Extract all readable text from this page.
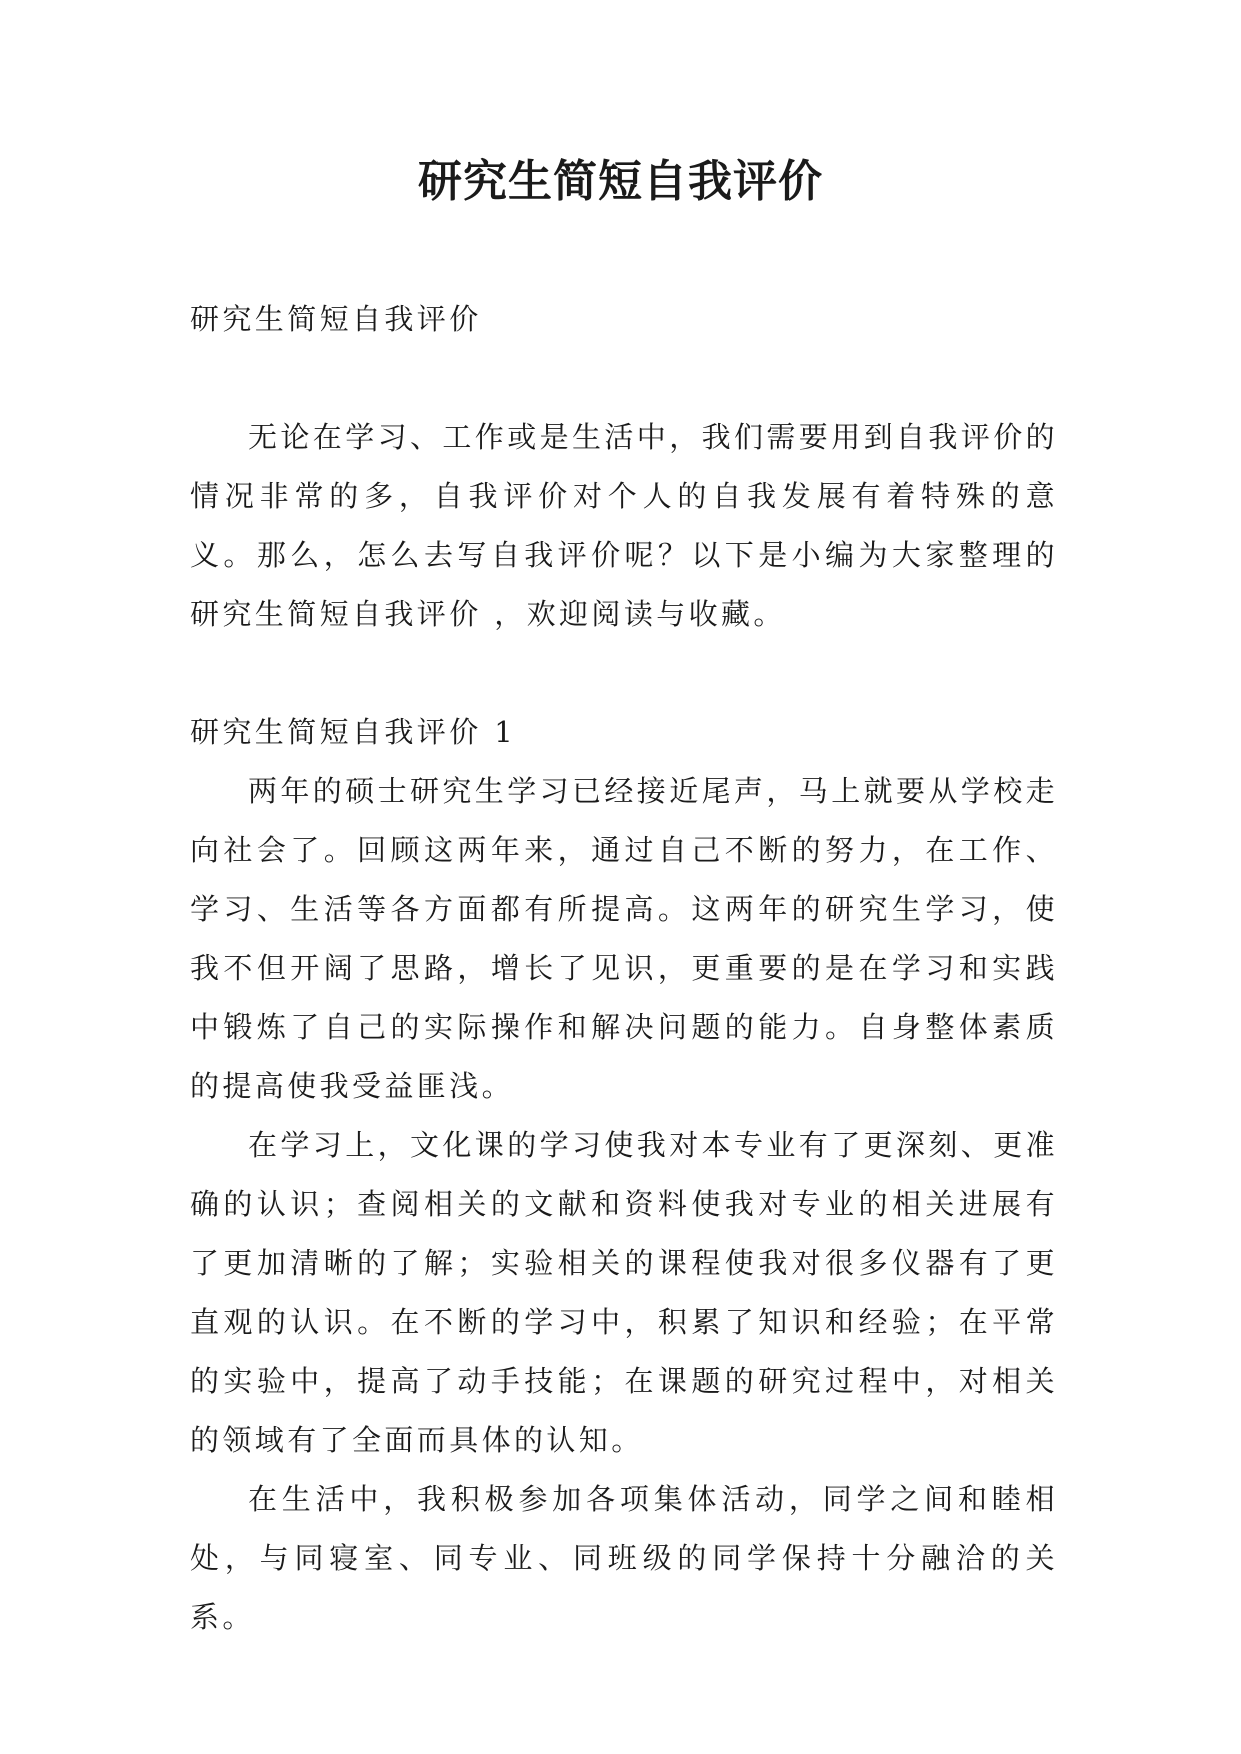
研究生简短自我评价

研究生简短自我评价

无论在学习、工作或是生活中，我们需要用到自我评价的情况非常的多，自我评价对个人的自我发展有着特殊的意义。那么，怎么去写自我评价呢？以下是小编为大家整理的研究生简短自我评价 ，欢迎阅读与收藏。

研究生简短自我评价 1

两年的硕士研究生学习已经接近尾声，马上就要从学校走向社会了。回顾这两年来，通过自己不断的努力，在工作、学习、生活等各方面都有所提高。这两年的研究生学习，使我不但开阔了思路，增长了见识，更重要的是在学习和实践中锻炼了自己的实际操作和解决问题的能力。自身整体素质的提高使我受益匪浅。

在学习上，文化课的学习使我对本专业有了更深刻、更准确的认识；查阅相关的文献和资料使我对专业的相关进展有了更加清晰的了解；实验相关的课程使我对很多仪器有了更直观的认识。在不断的学习中，积累了知识和经验；在平常的实验中，提高了动手技能；在课题的研究过程中，对相关的领域有了全面而具体的认知。

在生活中，我积极参加各项集体活动，同学之间和睦相处，与同寝室、同专业、同班级的同学保持十分融洽的关系。
